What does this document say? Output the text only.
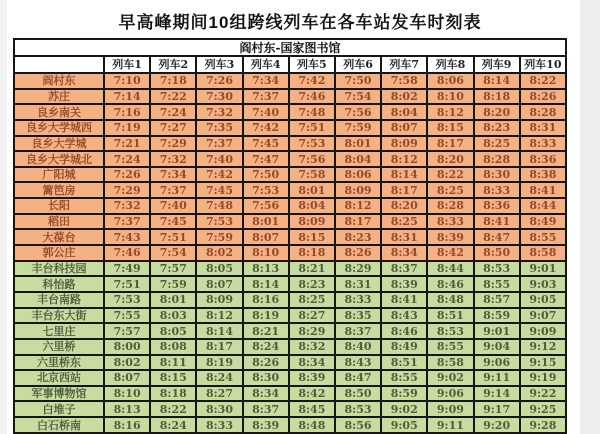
早高峰期间10组跨线列车在各车站发车时刻表
阎村东-国家图书馆										
	列车1	列车2	列车3	列车4	列车5	列车6	列车7	列车8	列车9	列车10
阎村东	7:10	7:18	7:26	7:34	7:42	7:50	7:58	8:06	8:14	8:22
苏庄	7:14	7:22	7:30	7:37	7:46	7:54	8:02	8:10	8:18	8:26
良乡南关	7:16	7:24	7:32	7:40	7:48	7:56	8:04	8:12	8:20	8:28
良乡大学城西	7:19	7:27	7:35	7:42	7:51	7:59	8:07	8:15	8:23	8:31
良乡大学城	7:21	7:29	7:37	7:45	7:53	8:01	8:09	8:17	8:25	8:33
良乡大学城北	7:24	7:32	7:40	7:47	7:56	8:04	8:12	8:20	8:28	8:36
广阳城	7:26	7:34	7:42	7:50	7:58	8:06	8:14	8:22	8:30	8:38
篱笆房	7:29	7:37	7:45	7:53	8:01	8:09	8:17	8:25	8:33	8:41
长阳	7:32	7:40	7:48	7:56	8:04	8:12	8:20	8:28	8:36	8:44
稻田	7:37	7:45	7:53	8:01	8:09	8:17	8:25	8:33	8:41	8:49
大葆台	7:43	7:51	7:59	8:07	8:15	8:23	8:31	8:39	8:47	8:55
郭公庄	7:46	7:54	8:02	8:10	8:18	8:26	8:34	8:42	8:50	8:58
丰台科技园	7:49	7:57	8:05	8:13	8:21	8:29	8:37	8:44	8:53	9:01
科怡路	7:51	7:59	8:07	8:14	8:23	8:31	8:39	8:46	8:55	9:03
丰台南路	7:53	8:01	8:09	8:16	8:25	8:33	8:41	8:48	8:57	9:05
丰台东大街	7:55	8:03	8:12	8:19	8:27	8:35	8:43	8:51	8:59	9:07
七里庄	7:57	8:05	8:14	8:21	8:29	8:37	8:46	8:53	9:01	9:09
六里桥	8:00	8:08	8:17	8:24	8:32	8:40	8:49	8:55	9:04	9:12
六里桥东	8:02	8:11	8:19	8:26	8:34	8:43	8:51	8:58	9:06	9:15
北京西站	8:07	8:15	8:24	8:30	8:39	8:47	8:55	9:02	9:11	9:19
军事博物馆	8:10	8:18	8:27	8:34	8:42	8:50	8:59	9:06	9:14	9:22
白堆子	8:13	8:22	8:30	8:37	8:45	8:53	9:02	9:09	9:17	9:25
白石桥南	8:16	8:24	8:33	8:39	8:48	8:56	9:05	9:11	9:20	9:28
